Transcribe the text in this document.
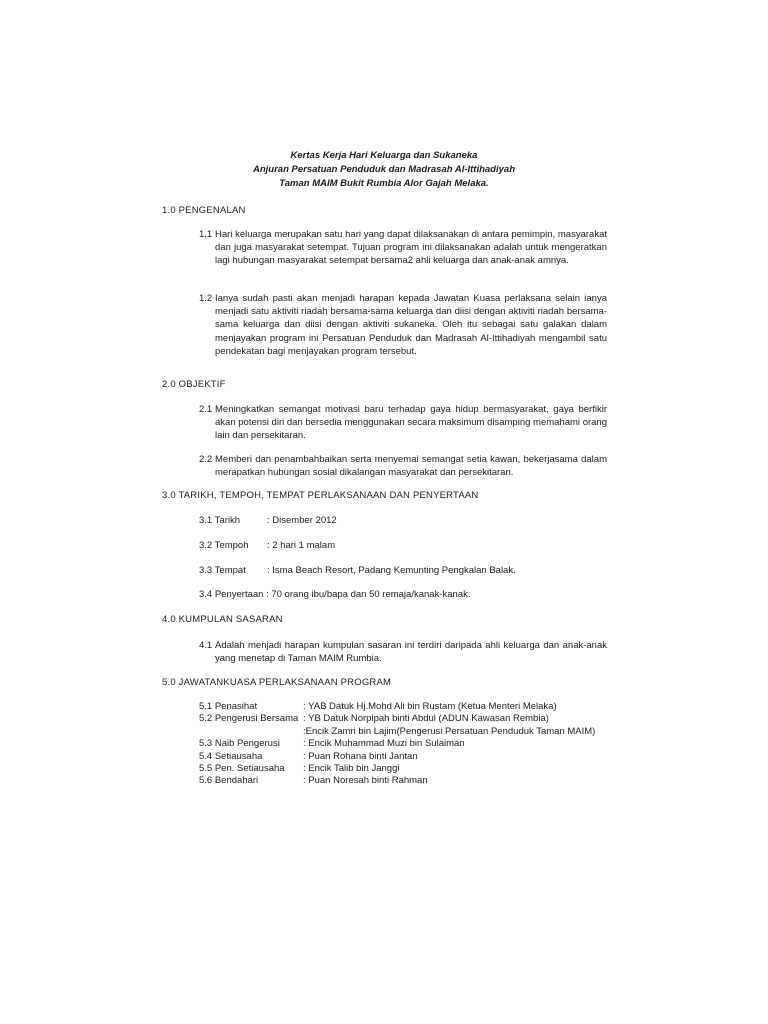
Kertas Kerja Hari Keluarga dan Sukaneka
Anjuran Persatuan Penduduk dan Madrasah Al-Ittihadiyah
Taman MAIM Bukit Rumbia Alor Gajah Melaka.
1.0 PENGENALAN
1.1 Hari keluarga merupakan satu hari yang dapat dilaksanakan di antara pemimpin, masyarakat dan juga masyarakat setempat. Tujuan program ini dilaksanakan adalah untuk mengeratkan lagi hubungan masyarakat setempat bersama2 ahli keluarga dan anak-anak amnya.
1.2 Ianya sudah pasti akan menjadi harapan kepada Jawatan Kuasa perlaksana selain ianya menjadi satu aktiviti riadah bersama-sama keluarga dan diisi dengan aktiviti riadah bersama-sama keluarga dan diisi dengan aktiviti sukaneka. Oleh itu sebagai satu galakan dalam menjayakan program ini Persatuan Penduduk dan Madrasah Al-Ittihadiyah mengambil satu pendekatan bagi menjayakan program tersebut.
2.0 OBJEKTIF
2.1 Meningkatkan semangat motivasi baru terhadap gaya hidup bermasyarakat, gaya berfikir akan potensi diri dan bersedia menggunakan secara maksimum disamping memahami orang lain dan persekitaran.
2.2 Memberi dan penambahbaikan serta menyemai semangat setia kawan, bekerjasama dalam merapatkan hubungan sosial dikalangan masyarakat dan persekitaran.
3.0 TARIKH, TEMPOH, TEMPAT PERLAKSANAAN DAN PENYERTAAN
3.1 Tarikh	: Disember 2012
3.2 Tempoh : 2 hari 1 malam
3.3 Tempat : Isma Beach Resort, Padang Kemunting Pengkalan Balak.
3.4 Penyertaan : 70 orang ibu/bapa dan 50 remaja/kanak-kanak.
4.0 KUMPULAN SASARAN
4.1 Adalah menjadi harapan kumpulan sasaran ini terdiri daripada ahli keluarga dan anak-anak yang menetap di Taman MAIM Rumbia.
5.0 JAWATANKUASA PERLAKSANAAN PROGRAM
5.1 Penasihat	: YAB Datuk Hj.Mohd Ali bin Rustam (Ketua Menteri Melaka)
5.2 Pengerusi Bersama : YB Datuk Norpipah binti Abdul (ADUN Kawasan Rembia)
:Encik Zamri bin Lajim(Pengerusi Persatuan Penduduk Taman MAIM)
5.3 Naib Pengerusi : Encik Muhammad Muzi bin Sulaiman
5.4 Setiausaha	: Puan Rohana binti Jantan
5.5 Pen. Setiausaha : Encik Talib bin Janggi
5.6 Bendahari	: Puan Noresah binti Rahman
